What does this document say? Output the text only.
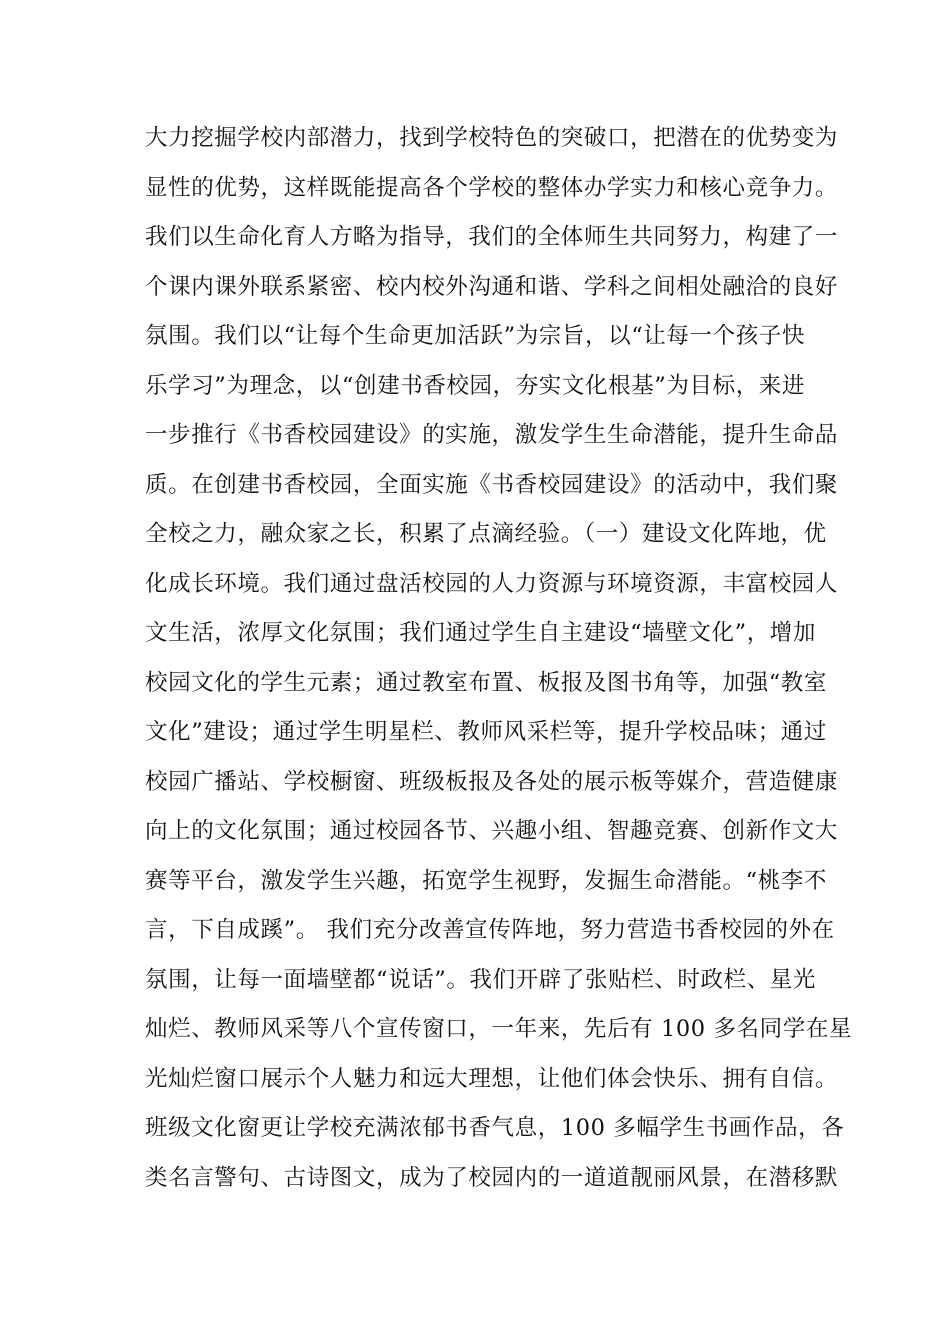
大力挖掘学校内部潜力，找到学校特色的突破口，把潜在的优势变为
显性的优势，这样既能提高各个学校的整体办学实力和核心竞争力。
我们以生命化育人方略为指导，我们的全体师生共同努力，构建了一
个课内课外联系紧密、校内校外沟通和谐、学科之间相处融洽的良好
氛围。我们以“让每个生命更加活跃”为宗旨，以“让每一个孩子快
乐学习”为理念，以“创建书香校园，夯实文化根基”为目标，来进
一步推行《书香校园建设》的实施，激发学生生命潜能，提升生命品
质。在创建书香校园，全面实施《书香校园建设》的活动中，我们聚
全校之力，融众家之长，积累了点滴经验。（一）建设文化阵地，优
化成长环境。我们通过盘活校园的人力资源与环境资源，丰富校园人
文生活，浓厚文化氛围；我们通过学生自主建设“墙壁文化”，增加
校园文化的学生元素；通过教室布置、板报及图书角等，加强“教室
文化”建设；通过学生明星栏、教师风采栏等，提升学校品味；通过
校园广播站、学校橱窗、班级板报及各处的展示板等媒介，营造健康
向上的文化氛围；通过校园各节、兴趣小组、智趣竞赛、创新作文大
赛等平台，激发学生兴趣，拓宽学生视野，发掘生命潜能。“桃李不
言，下自成蹊”。 我们充分改善宣传阵地，努力营造书香校园的外在
氛围，让每一面墙壁都“说话”。我们开辟了张贴栏、时政栏、星光
灿烂、教师风采等八个宣传窗口，一年来，先后有 100 多名同学在星
光灿烂窗口展示个人魅力和远大理想，让他们体会快乐、拥有自信。
班级文化窗更让学校充满浓郁书香气息，100 多幅学生书画作品，各
类名言警句、古诗图文，成为了校园内的一道道靓丽风景，在潜移默
